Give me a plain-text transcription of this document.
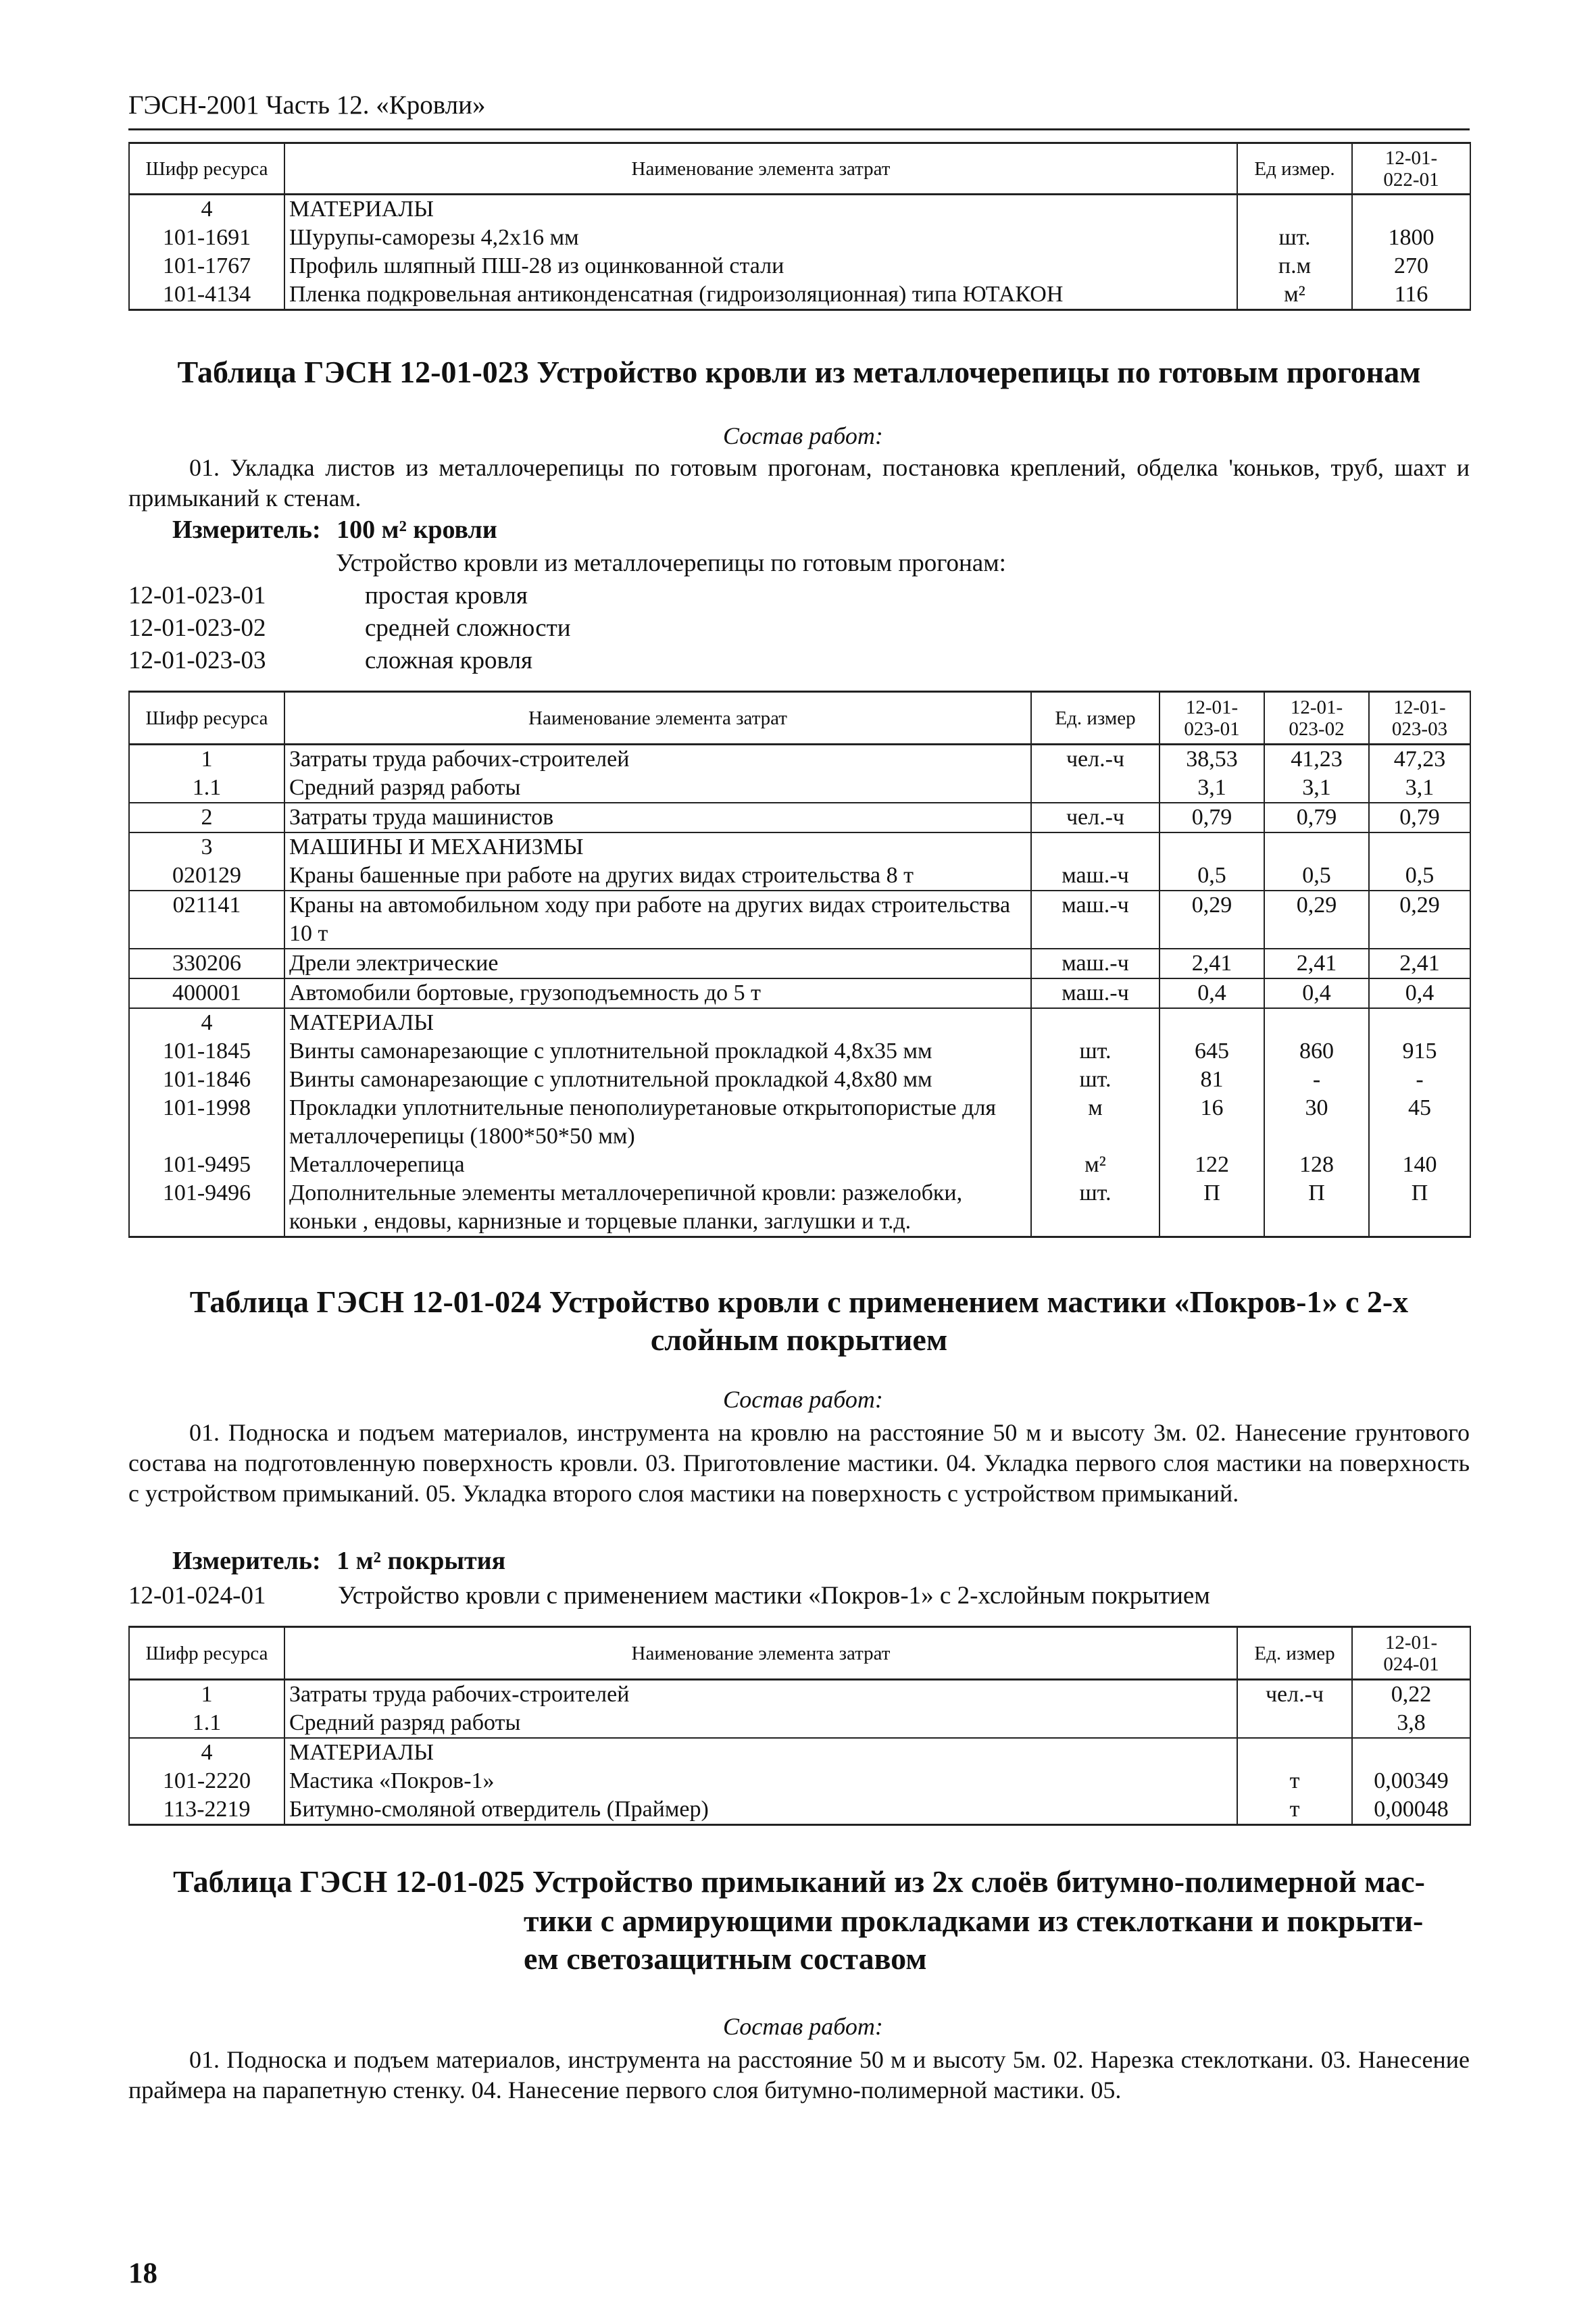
ГЭСН-2001 Часть 12. «Кровли»
Шифр ресурса	Наименование элемента затрат	Ед измер.	12-01-
022-01
4	МАТЕРИАЛЫ		
101-1691	Шурупы-саморезы 4,2x16 мм	шт.	1800
101-1767	Профиль шляпный ПШ-28 из оцинкованной стали	п.м	270
101-4134	Пленка подкровельная антиконденсатная (гидроизоляционная) типа ЮТАКОН	м²	116
Таблица ГЭСН 12-01-023 Устройство кровли из металлочерепицы по готовым прогонам
Состав работ:
01. Укладка листов из металлочерепицы по готовым прогонам, постановка креплений, обделка 'коньков, труб, шахт и примыканий к стенам.
Измеритель: 100 м² кровли
Устройство кровли из металлочерепицы по готовым прогонам:
12-01-023-01	простая кровля
12-01-023-02	средней сложности
12-01-023-03	сложная кровля
Шифр ресурса	Наименование элемента затрат	Ед. измер	12-01-
023-01	12-01-
023-02	12-01-
023-03
1	Затраты труда рабочих-строителей	чел.-ч	38,53	41,23	47,23
1.1	Средний разряд работы		3,1	3,1	3,1
2	Затраты труда машинистов	чел.-ч	0,79	0,79	0,79
3	МАШИНЫ И МЕХАНИЗМЫ				
020129	Краны башенные при работе на других видах строительства 8 т	маш.-ч	0,5	0,5	0,5
021141	Краны на автомобильном ходу при работе на других видах строительства 10 т	маш.-ч	0,29	0,29	0,29
330206	Дрели электрические	маш.-ч	2,41	2,41	2,41
400001	Автомобили бортовые, грузоподъемность до 5 т	маш.-ч	0,4	0,4	0,4
4	МАТЕРИАЛЫ				
101-1845	Винты самонарезающие с уплотнительной прокладкой 4,8x35 мм	шт.	645	860	915
101-1846	Винты самонарезающие с уплотнительной прокладкой 4,8x80 мм	шт.	81	-	-
101-1998	Прокладки уплотнительные пенополиуретановые открытопористые для металлочерепицы (1800*50*50 мм)	м	16	30	45
101-9495	Металлочерепица	м²	122	128	140
101-9496	Дополнительные элементы металлочерепичной кровли: разжелобки, коньки , ендовы, карнизные и торцевые планки, заглушки и т.д.	шт.	П	П	П
Таблица ГЭСН 12-01-024 Устройство кровли с применением мастики «Покров-1» с 2-х
слойным покрытием
Состав работ:
01. Подноска и подъем материалов, инструмента на кровлю на расстояние 50 м и высоту 3м. 02. Нанесение грунтового состава на подготовленную поверхность кровли. 03. Приготовление мастики. 04. Укладка первого слоя мастики на поверхность с устройством примыканий. 05. Укладка второго слоя мастики на поверхность с устройством примыканий.
Измеритель: 1 м² покрытия
12-01-024-01	Устройство кровли с применением мастики «Покров-1» с 2-хслойным покрытием
Шифр ресурса	Наименование элемента затрат	Ед. измер	12-01-
024-01
1	Затраты труда рабочих-строителей	чел.-ч	0,22
1.1	Средний разряд работы		3,8
4	МАТЕРИАЛЫ		
101-2220	Мастика «Покров-1»	т	0,00349
113-2219	Битумно-смоляной отвердитель (Праймер)	т	0,00048
Таблица ГЭСН 12-01-025 Устройство примыканий из 2х слоёв битумно-полимерной мас-
тики с армирующими прокладками из стеклоткани и покрыти-
ем светозащитным составом
Состав работ:
01. Подноска и подъем материалов, инструмента на расстояние 50 м и высоту 5м. 02. Нарезка стеклоткани. 03. Нанесение праймера на парапетную стенку. 04. Нанесение первого слоя битумно-полимерной мастики. 05.
18
